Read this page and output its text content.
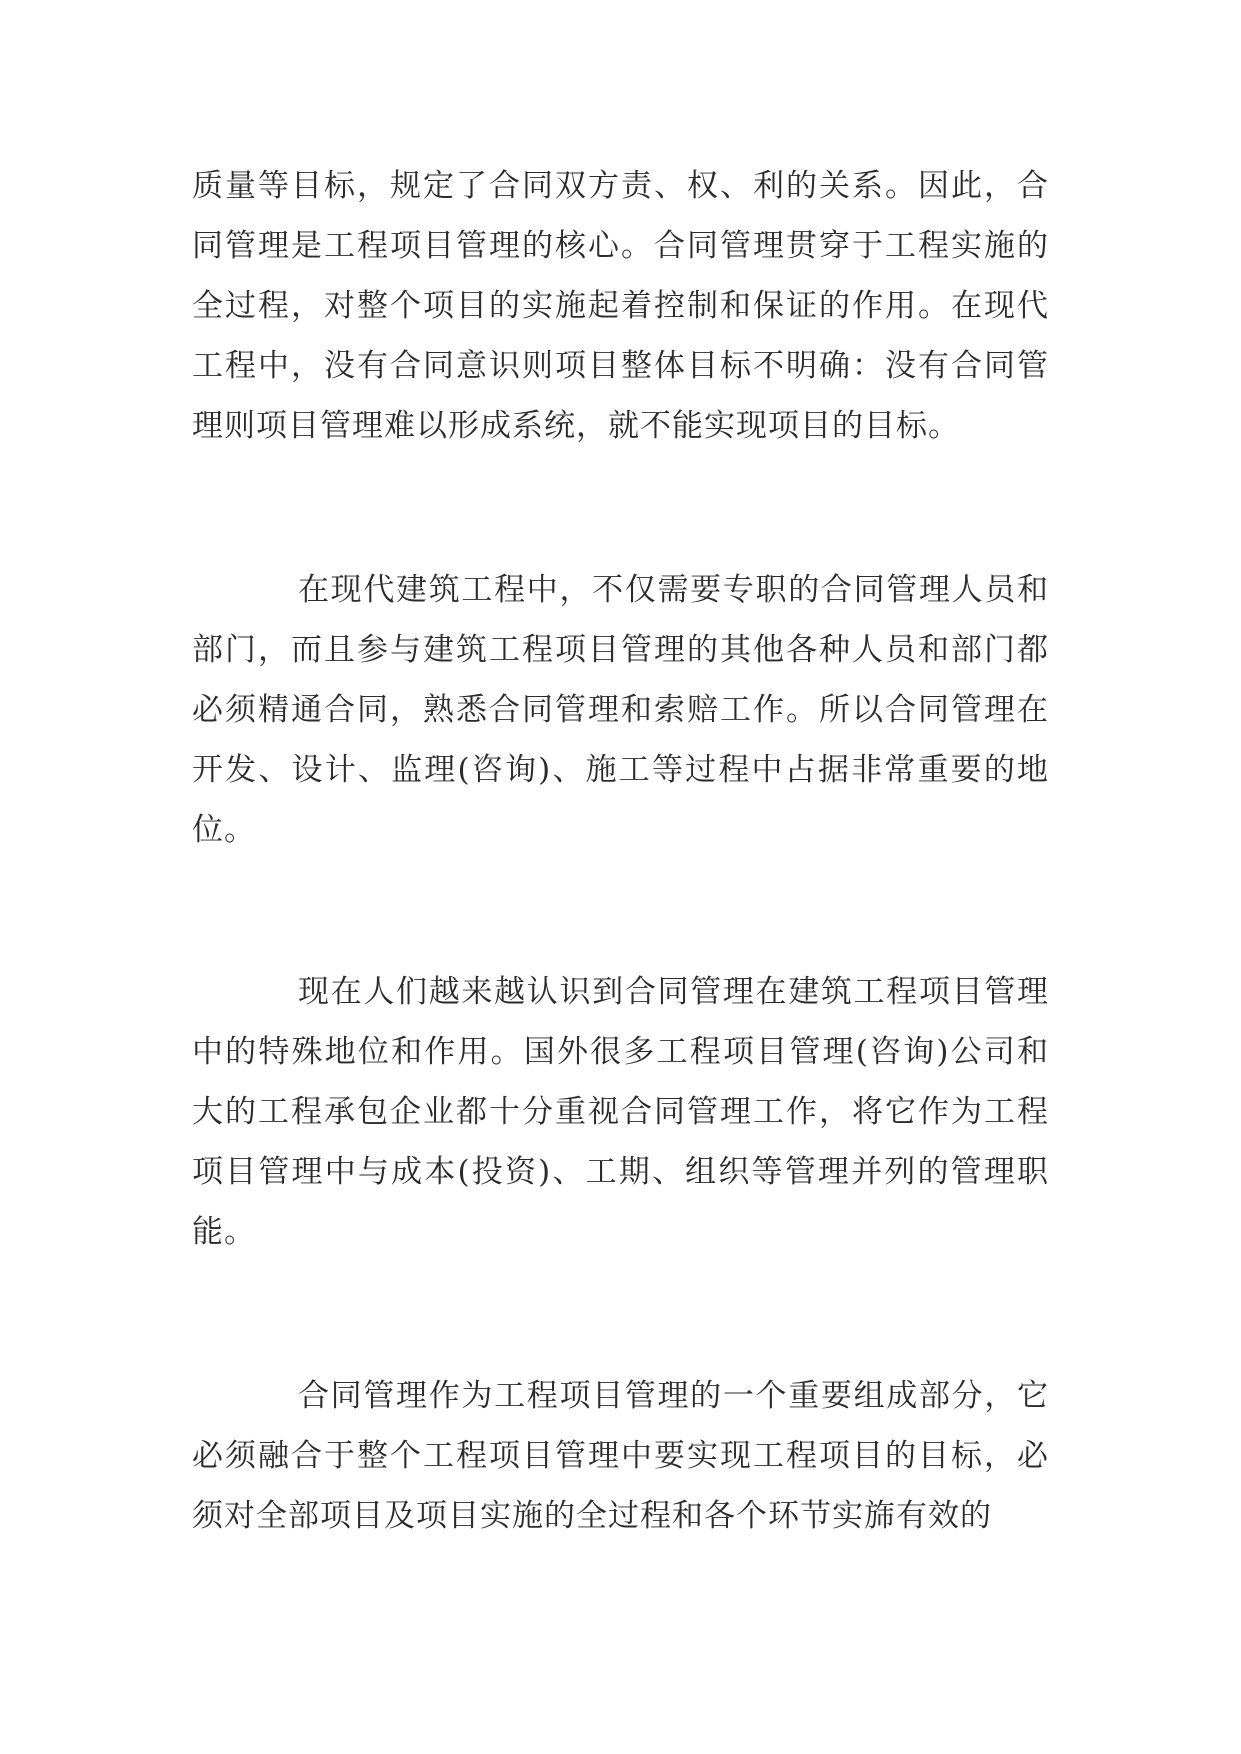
质量等目标，规定了合同双方责、权、利的关系。因此，合同管理是工程项目管理的核心。合同管理贯穿于工程实施的全过程，对整个项目的实施起着控制和保证的作用。在现代工程中，没有合同意识则项目整体目标不明确：没有合同管理则项目管理难以形成系统，就不能实现项目的目标。

在现代建筑工程中，不仅需要专职的合同管理人员和部门，而且参与建筑工程项目管理的其他各种人员和部门都必须精通合同，熟悉合同管理和索赔工作。所以合同管理在开发、设计、监理(咨询)、施工等过程中占据非常重要的地位。

现在人们越来越认识到合同管理在建筑工程项目管理中的特殊地位和作用。国外很多工程项目管理(咨询)公司和大的工程承包企业都十分重视合同管理工作，将它作为工程项目管理中与成本(投资)、工期、组织等管理并列的管理职能。

合同管理作为工程项目管理的一个重要组成部分，它必须融合于整个工程项目管理中要实现工程项目的目标，必须对全部项目及项目实施的全过程和各个环节实旆有效的
